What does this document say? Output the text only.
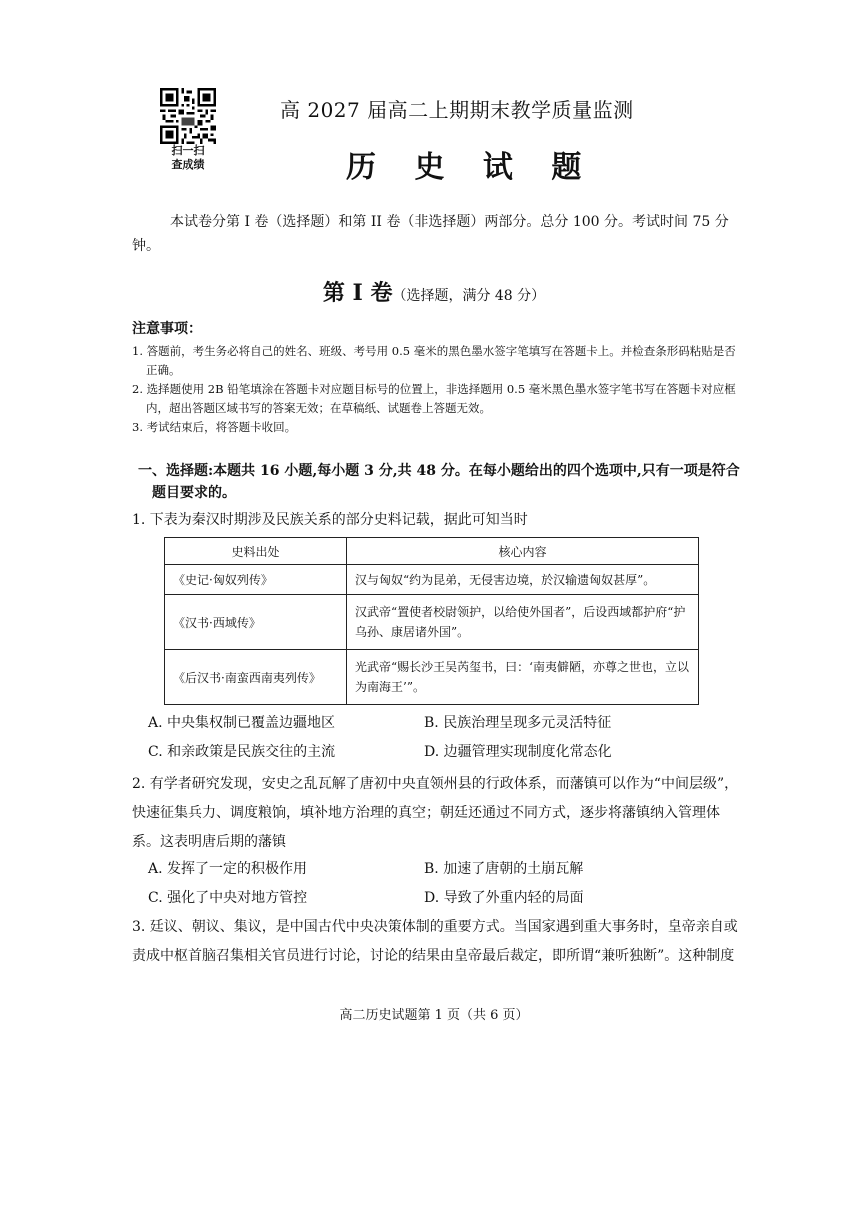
扫一扫
查成绩
高 2027 届高二上期期末教学质量监测
历 史 试 题
本试卷分第 I 卷（选择题）和第 II 卷（非选择题）两部分。总分 100 分。考试时间 75 分钟。
第 I 卷（选择题，满分 48 分）
注意事项：
1. 答题前，考生务必将自己的姓名、班级、考号用 0.5 毫米的黑色墨水签字笔填写在答题卡上。并检查条形码粘贴是否正确。
2. 选择题使用 2B 铅笔填涂在答题卡对应题目标号的位置上，非选择题用 0.5 毫米黑色墨水签字笔书写在答题卡对应框内，超出答题区域书写的答案无效；在草稿纸、试题卷上答题无效。
3. 考试结束后，将答题卡收回。
一、选择题:本题共 16 小题,每小题 3 分,共 48 分。在每小题给出的四个选项中,只有一项是符合题目要求的。
1. 下表为秦汉时期涉及民族关系的部分史料记载，据此可知当时
史料出处	核心内容
《史记·匈奴列传》	汉与匈奴“约为昆弟，无侵害边境，於汉输遗匈奴甚厚”。
《汉书·西域传》	汉武帝“置使者校尉领护，以给使外国者”，后设西域都护府“护乌孙、康居诸外国”。
《后汉书·南蛮西南夷列传》	光武帝“赐长沙王吴芮玺书，曰：‘南夷僻陋，亦尊之世也，立以为南海王’”。
A. 中央集权制已覆盖边疆地区	B. 民族治理呈现多元灵活特征
C. 和亲政策是民族交往的主流	D. 边疆管理实现制度化常态化
2. 有学者研究发现，安史之乱瓦解了唐初中央直领州县的行政体系，而藩镇可以作为“中间层级”，快速征集兵力、调度粮饷，填补地方治理的真空；朝廷还通过不同方式，逐步将藩镇纳入管理体系。这表明唐后期的藩镇
A. 发挥了一定的积极作用	B. 加速了唐朝的土崩瓦解
C. 强化了中央对地方管控	D. 导致了外重内轻的局面
3. 廷议、朝议、集议，是中国古代中央决策体制的重要方式。当国家遇到重大事务时，皇帝亲自或责成中枢首脑召集相关官员进行讨论，讨论的结果由皇帝最后裁定，即所谓“兼听独断”。这种制度
高二历史试题第 1 页（共 6 页）
